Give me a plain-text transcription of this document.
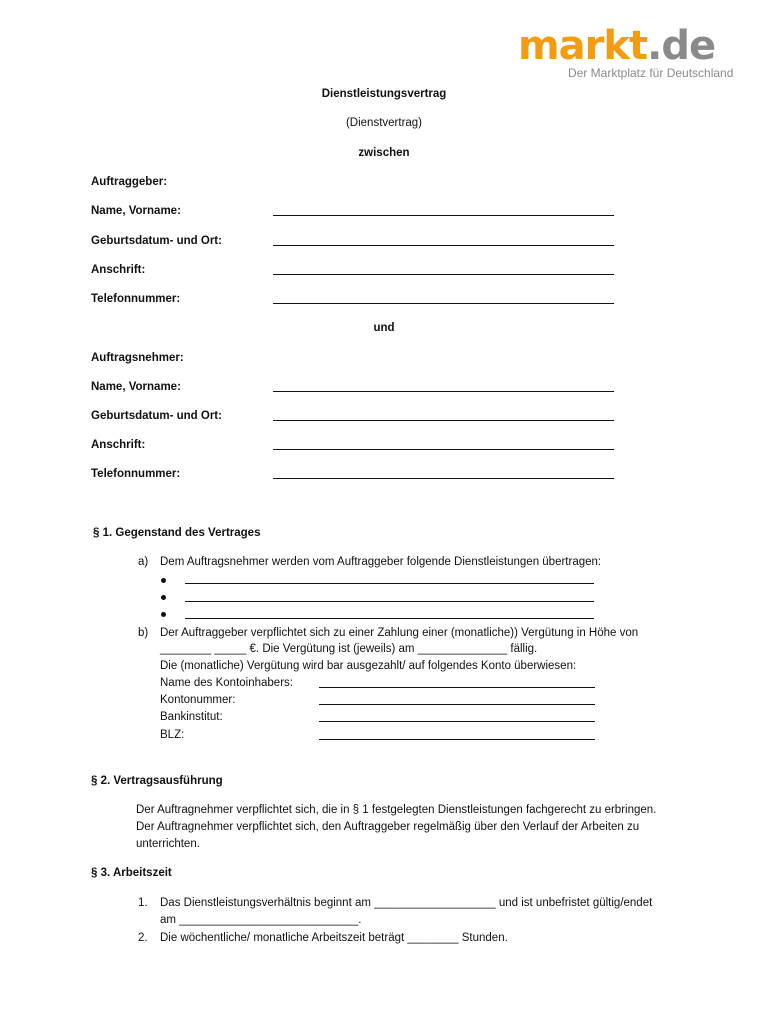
markt.de
Der Marktplatz für Deutschland
Dienstleistungsvertrag
(Dienstvertrag)
zwischen
Auftraggeber:
Name, Vorname:
Geburtsdatum- und Ort:
Anschrift:
Telefonnummer:
und
Auftragsnehmer:
Name, Vorname:
Geburtsdatum- und Ort:
Anschrift:
Telefonnummer:
§ 1. Gegenstand des Vertrages
a) Dem Auftragsnehmer werden vom Auftraggeber folgende Dienstleistungen übertragen:
b) Der Auftraggeber verpflichtet sich zu einer Zahlung einer (monatliche)) Vergütung in Höhe von
________ _____ €. Die Vergütung ist (jeweils) am ______________ fällig.
Die (monatliche) Vergütung wird bar ausgezahlt/ auf folgendes Konto überwiesen:
Name des Kontoinhabers:
Kontonummer:
Bankinstitut:
BLZ:
§ 2. Vertragsausführung
Der Auftragnehmer verpflichtet sich, die in § 1 festgelegten Dienstleistungen fachgerecht zu erbringen.
Der Auftragnehmer verpflichtet sich, den Auftraggeber regelmäßig über den Verlauf der Arbeiten zu
unterrichten.
§ 3. Arbeitszeit
1. Das Dienstleistungsverhältnis beginnt am ___________________ und ist unbefristet gültig/endet
am ____________________________.
2. Die wöchentliche/ monatliche Arbeitszeit beträgt ________ Stunden.
